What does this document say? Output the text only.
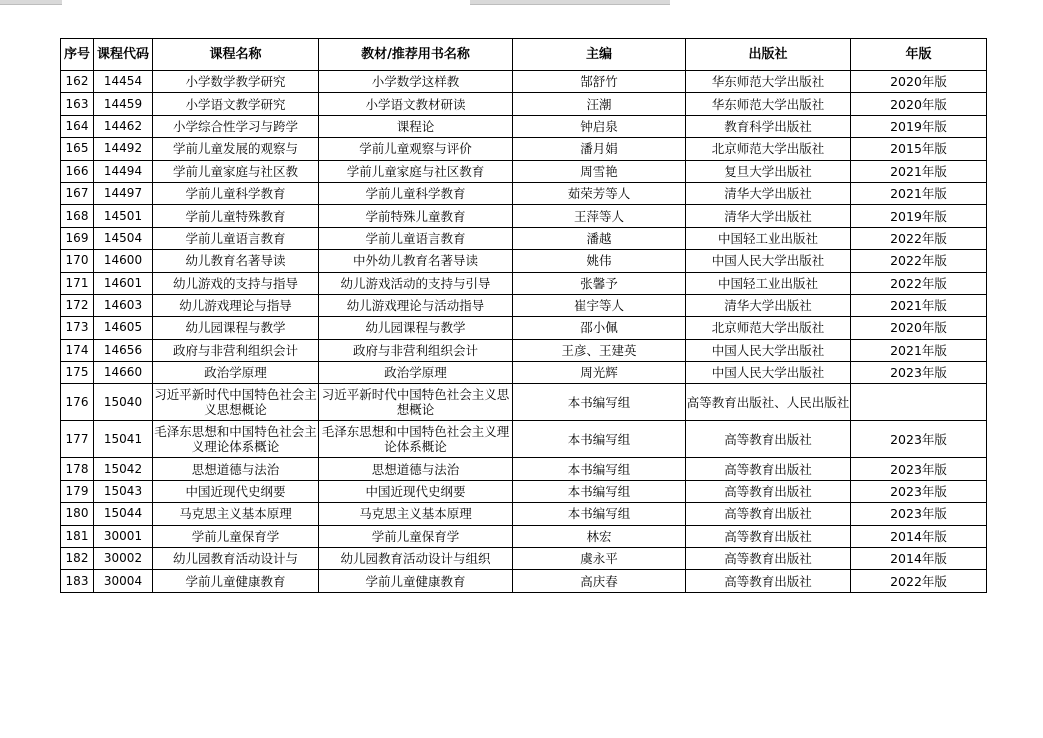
序号	课程代码	课程名称	教材/推荐用书名称	主编	出版社	年版
162	14454	小学数学教学研究	小学数学这样教	郜舒竹	华东师范大学出版社	2020年版
163	14459	小学语文教学研究	小学语文教材研读	汪潮	华东师范大学出版社	2020年版
164	14462	小学综合性学习与跨学	课程论	钟启泉	教育科学出版社	2019年版
165	14492	学前儿童发展的观察与	学前儿童观察与评价	潘月娟	北京师范大学出版社	2015年版
166	14494	学前儿童家庭与社区教	学前儿童家庭与社区教育	周雪艳	复旦大学出版社	2021年版
167	14497	学前儿童科学教育	学前儿童科学教育	茹荣芳等人	清华大学出版社	2021年版
168	14501	学前儿童特殊教育	学前特殊儿童教育	王萍等人	清华大学出版社	2019年版
169	14504	学前儿童语言教育	学前儿童语言教育	潘越	中国轻工业出版社	2022年版
170	14600	幼儿教育名著导读	中外幼儿教育名著导读	姚伟	中国人民大学出版社	2022年版
171	14601	幼儿游戏的支持与指导	幼儿游戏活动的支持与引导	张馨予	中国轻工业出版社	2022年版
172	14603	幼儿游戏理论与指导	幼儿游戏理论与活动指导	崔宇等人	清华大学出版社	2021年版
173	14605	幼儿园课程与教学	幼儿园课程与教学	邵小佩	北京师范大学出版社	2020年版
174	14656	政府与非营利组织会计	政府与非营利组织会计	王彦、王建英	中国人民大学出版社	2021年版
175	14660	政治学原理	政治学原理	周光辉	中国人民大学出版社	2023年版
176	15040	习近平新时代中国特色社会主义思想概论	习近平新时代中国特色社会主义思想概论	本书编写组	高等教育出版社、人民出版社	
177	15041	毛泽东思想和中国特色社会主义理论体系概论	毛泽东思想和中国特色社会主义理论体系概论	本书编写组	高等教育出版社	2023年版
178	15042	思想道德与法治	思想道德与法治	本书编写组	高等教育出版社	2023年版
179	15043	中国近现代史纲要	中国近现代史纲要	本书编写组	高等教育出版社	2023年版
180	15044	马克思主义基本原理	马克思主义基本原理	本书编写组	高等教育出版社	2023年版
181	30001	学前儿童保育学	学前儿童保育学	林宏	高等教育出版社	2014年版
182	30002	幼儿园教育活动设计与	幼儿园教育活动设计与组织	虞永平	高等教育出版社	2014年版
183	30004	学前儿童健康教育	学前儿童健康教育	高庆春	高等教育出版社	2022年版
